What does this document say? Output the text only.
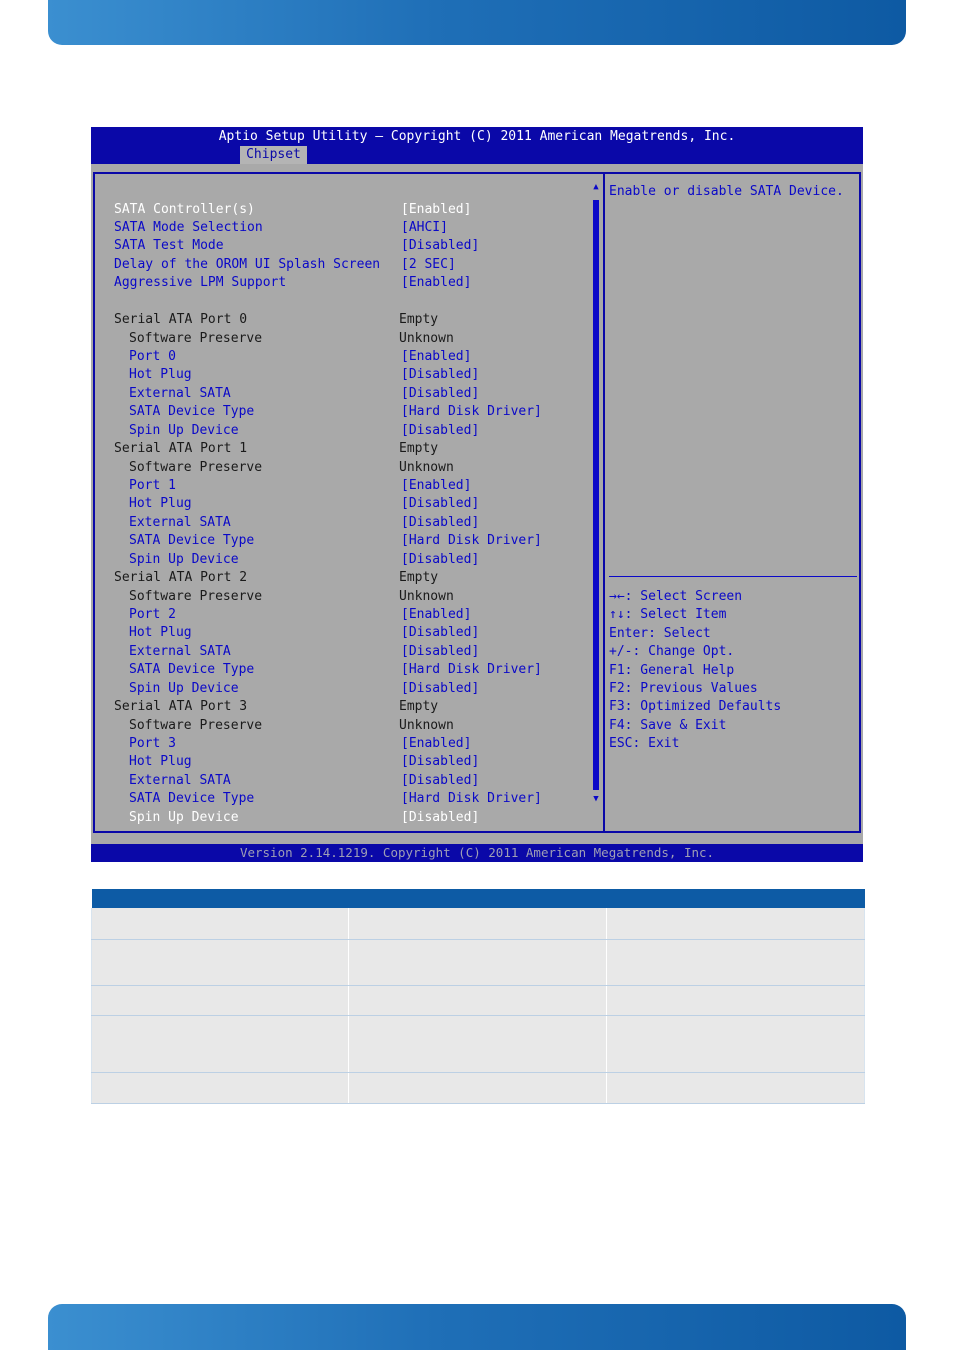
Aptio Setup Utility – Copyright (C) 2011 American Megatrends, Inc.
Chipset
SATA Controller(s)	[Enabled]
SATA Mode Selection	[AHCI]
SATA Test Mode	[Disabled]
Delay of the OROM UI Splash Screen [2 SEC]
Aggressive LPM Support	[Enabled]
Serial ATA Port 0	Empty
Software Preserve	Unknown
Port 0	[Enabled]
Hot Plug	[Disabled]
External SATA	[Disabled]
SATA Device Type	[Hard Disk Driver]
Spin Up Device	[Disabled]
Serial ATA Port 1	Empty
Software Preserve	Unknown
Port 1	[Enabled]
Hot Plug	[Disabled]
External SATA	[Disabled]
SATA Device Type	[Hard Disk Driver]
Spin Up Device	[Disabled]
Serial ATA Port 2	Empty
Software Preserve	Unknown
Port 2	[Enabled]
Hot Plug	[Disabled]
External SATA	[Disabled]
SATA Device Type	[Hard Disk Driver]
Spin Up Device	[Disabled]
Serial ATA Port 3	Empty
Software Preserve	Unknown
Port 3	[Enabled]
Hot Plug	[Disabled]
External SATA	[Disabled]
SATA Device Type	[Hard Disk Driver]
Spin Up Device	[Disabled]
▲
▼
Enable or disable SATA Device.
→←: Select Screen
↑↓: Select Item
Enter: Select
+/-: Change Opt.
F1: General Help
F2: Previous Values
F3: Optimized Defaults
F4: Save & Exit
ESC: Exit
Version 2.14.1219. Copyright (C) 2011 American Megatrends, Inc.
